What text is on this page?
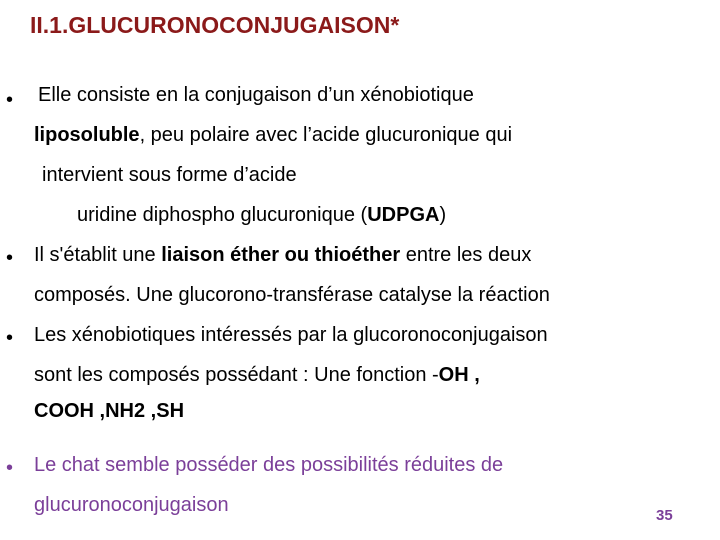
II.1.GLUCURONOCONJUGAISON*
• Elle consiste en la conjugaison d’un xénobiotique
liposoluble, peu polaire avec l’acide glucuronique qui
intervient sous forme d’acide
uridine diphospho glucuronique (UDPGA)
• Il s'établit une liaison éther ou thioéther entre les deux
composés. Une glucorono-transférase catalyse la réaction
• Les xénobiotiques intéressés par la glucoronoconjugaison
sont les composés possédant : Une fonction -OH ,
COOH ,NH2 ,SH
• Le chat semble posséder des possibilités réduites de
glucuronoconjugaison	35
